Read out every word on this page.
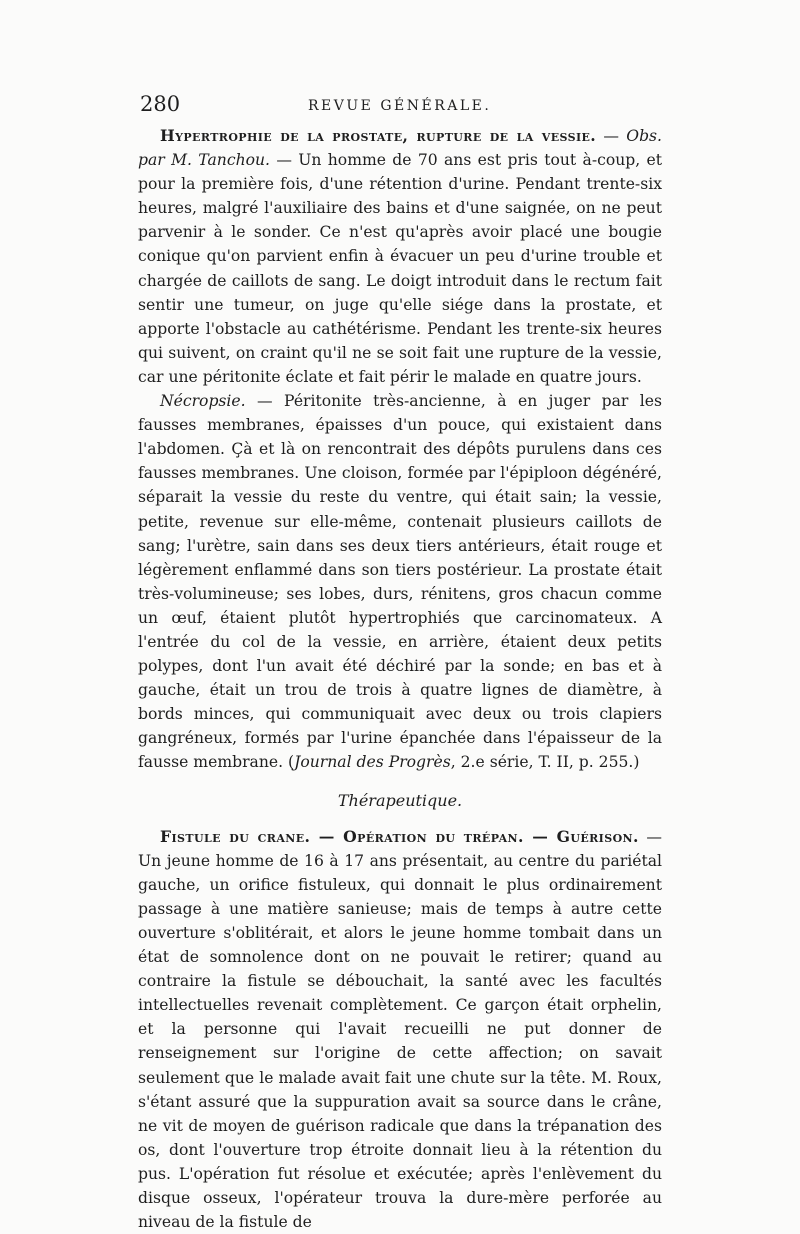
280	REVUE GÉNÉRALE.

Hypertrophie de la prostate, rupture de la vessie. — Obs. par M. Tanchou. — Un homme de 70 ans est pris tout à-coup, et pour la première fois, d'une rétention d'urine. Pendant trente-six heures, malgré l'auxiliaire des bains et d'une saignée, on ne peut parvenir à le sonder. Ce n'est qu'après avoir placé une bougie conique qu'on parvient enfin à évacuer un peu d'urine trouble et chargée de caillots de sang. Le doigt introduit dans le rectum fait sentir une tumeur, on juge qu'elle siége dans la prostate, et apporte l'obstacle au cathétérisme. Pendant les trente-six heures qui suivent, on craint qu'il ne se soit fait une rupture de la vessie, car une péritonite éclate et fait périr le malade en quatre jours.

Nécropsie. — Péritonite très-ancienne, à en juger par les fausses membranes, épaisses d'un pouce, qui existaient dans l'abdomen. Çà et là on rencontrait des dépôts purulens dans ces fausses membranes. Une cloison, formée par l'épiploon dégénéré, séparait la vessie du reste du ventre, qui était sain; la vessie, petite, revenue sur elle-même, contenait plusieurs caillots de sang; l'urètre, sain dans ses deux tiers antérieurs, était rouge et légèrement enflammé dans son tiers postérieur. La prostate était très-volumineuse; ses lobes, durs, rénitens, gros chacun comme un œuf, étaient plutôt hypertrophiés que carcinomateux. A l'entrée du col de la vessie, en arrière, étaient deux petits polypes, dont l'un avait été déchiré par la sonde; en bas et à gauche, était un trou de trois à quatre lignes de diamètre, à bords minces, qui communiquait avec deux ou trois clapiers gangréneux, formés par l'urine épanchée dans l'épaisseur de la fausse membrane. (Journal des Progrès, 2.e série, T. II, p. 255.)

Thérapeutique.

Fistule du crane. — Opération du trépan. — Guérison. — Un jeune homme de 16 à 17 ans présentait, au centre du pariétal gauche, un orifice fistuleux, qui donnait le plus ordinairement passage à une matière sanieuse; mais de temps à autre cette ouverture s'oblitérait, et alors le jeune homme tombait dans un état de somnolence dont on ne pouvait le retirer; quand au contraire la fistule se débouchait, la santé avec les facultés intellectuelles revenait complètement. Ce garçon était orphelin, et la personne qui l'avait recueilli ne put donner de renseignement sur l'origine de cette affection; on savait seulement que le malade avait fait une chute sur la tête. M. Roux, s'étant assuré que la suppuration avait sa source dans le crâne, ne vit de moyen de guérison radicale que dans la trépanation des os, dont l'ouverture trop étroite donnait lieu à la rétention du pus. L'opération fut résolue et exécutée; après l'enlèvement du disque osseux, l'opérateur trouva la dure-mère perforée au niveau de la fistule de
